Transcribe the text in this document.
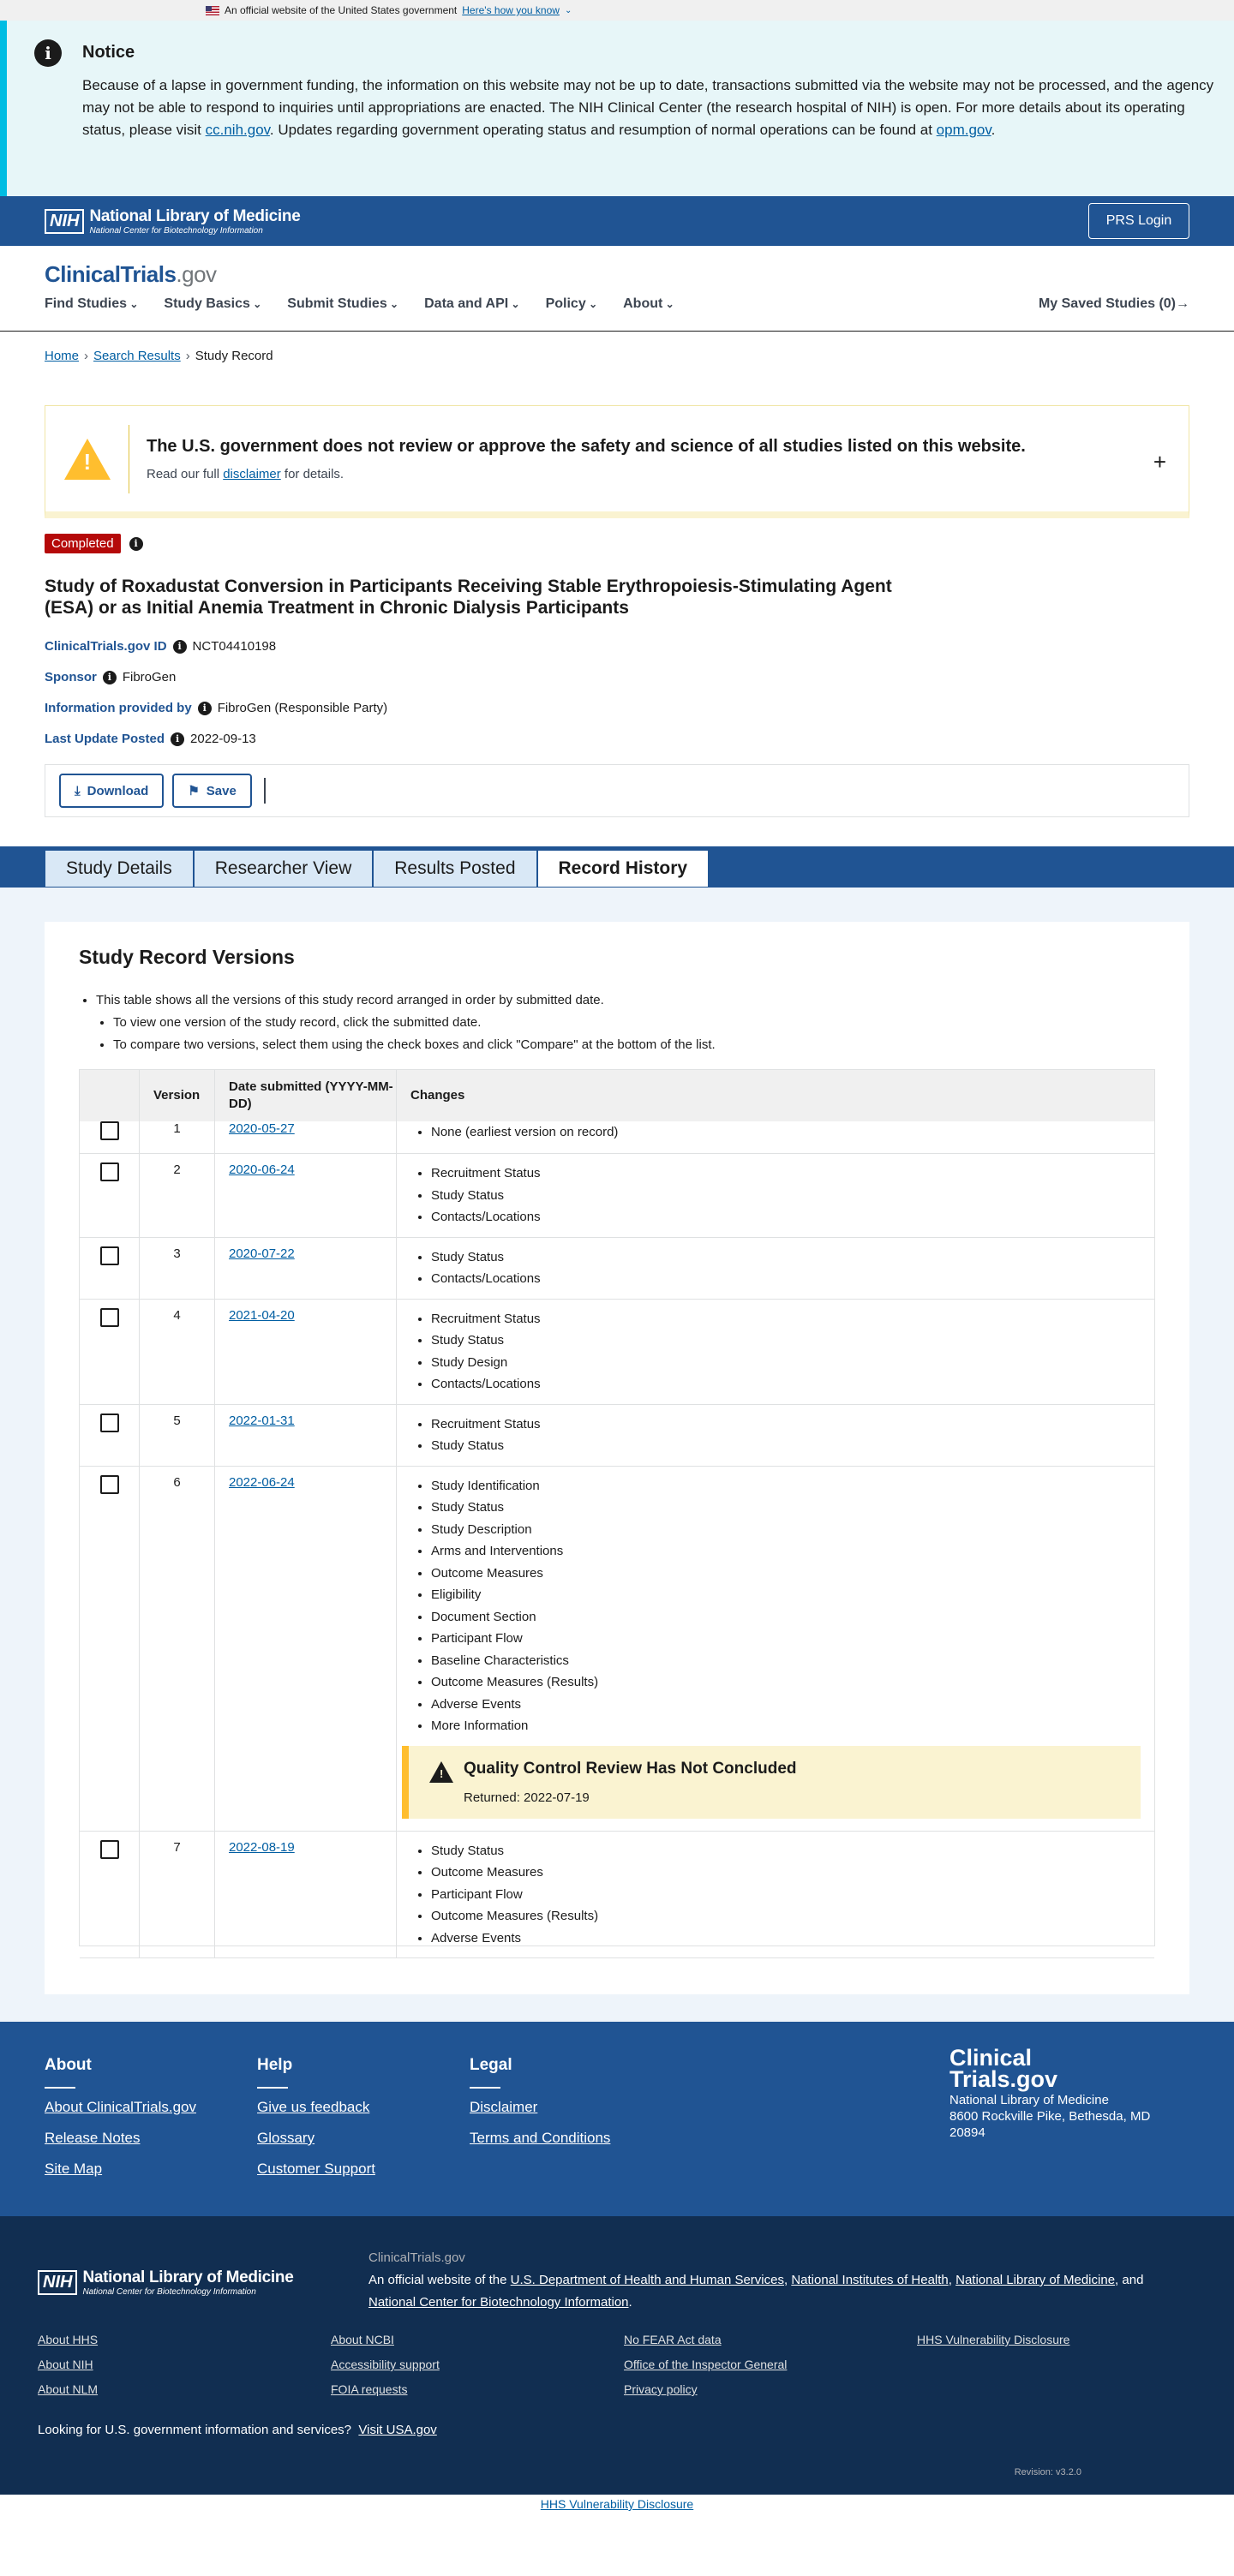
An official website of the United States government Here's how you know ⌄
i	Notice

Because of a lapse in government funding, the information on this website may not be up to date, transactions submitted via the website may not be processed, and the agency may not be able to respond to inquiries until appropriations are enacted. The NIH Clinical Center (the research hospital of NIH) is open. For more details about its operating status, please visit cc.nih.gov. Updates regarding government operating status and resumption of normal operations can be found at opm.gov.

NIH National Library of Medicine
National Center for Biotechnology Information
PRS Login
ClinicalTrials.gov
Find Studies ⌄	Study Basics ⌄	Submit Studies ⌄	Data and API ⌄	Policy ⌄	About ⌄	My Saved Studies (0)→
Home › Search Results › Study Record
!
The U.S. government does not review or approve the safety and science of all studies listed on this website.

Read our full disclaimer for details.	+
Completed	i
Study of Roxadustat Conversion in Participants Receiving Stable Erythropoiesis-Stimulating Agent (ESA) or as Initial Anemia Treatment in Chronic Dialysis Participants
ClinicalTrials.gov ID	i NCT04410198
Sponsor	i FibroGen
Information provided by	i FibroGen (Responsible Party)
Last Update Posted	i 2022-09-13
⤓ Download	⚑ Save
Study Details	Researcher View	Results Posted	Record History
Study Record Versions
• This table shows all the versions of this study record arranged in order by submitted date.
• To view one version of the study record, click the submitted date.
• To compare two versions, select them using the check boxes and click "Compare" at the bottom of the list.
Version
Date submitted (YYYY-MM-DD)
Changes
1	2020-05-27	• None (earliest version on record)
2	2020-06-24	• Recruitment Status
• Study Status
• Contacts/Locations
3	2020-07-22	• Study Status
• Contacts/Locations
4	2021-04-20	• Recruitment Status
• Study Status
• Study Design
• Contacts/Locations
5	2022-01-31	• Recruitment Status
• Study Status
6	2022-06-24	• Study Identification
• Study Status
• Study Description
• Arms and Interventions
• Outcome Measures
• Eligibility
• Document Section
• Participant Flow
• Baseline Characteristics
• Outcome Measures (Results)
• Adverse Events
• More Information
! Quality Control Review Has Not Concluded

Returned: 2022-07-19

7	2022-08-19	• Study Status
• Outcome Measures
• Participant Flow
• Outcome Measures (Results)
• Adverse Events
About
About ClinicalTrials.gov
Release Notes
Site Map
Help
Give us feedback
Glossary
Customer Support
Legal
Disclaimer
Terms and Conditions
Clinical
Trials.gov
National Library of Medicine
8600 Rockville Pike, Bethesda, MD 20894
NIH National Library of Medicine
National Center for Biotechnology Information
ClinicalTrials.gov
An official website of the U.S. Department of Health and Human Services, National Institutes of Health, National Library of Medicine, and National Center for Biotechnology Information.
About HHS
About NIH
About NLM
About NCBI
Accessibility support
FOIA requests
No FEAR Act data
Office of the Inspector General
Privacy policy
HHS Vulnerability Disclosure
Looking for U.S. government information and services? Visit USA.gov
Revision: v3.2.0
HHS Vulnerability Disclosure
